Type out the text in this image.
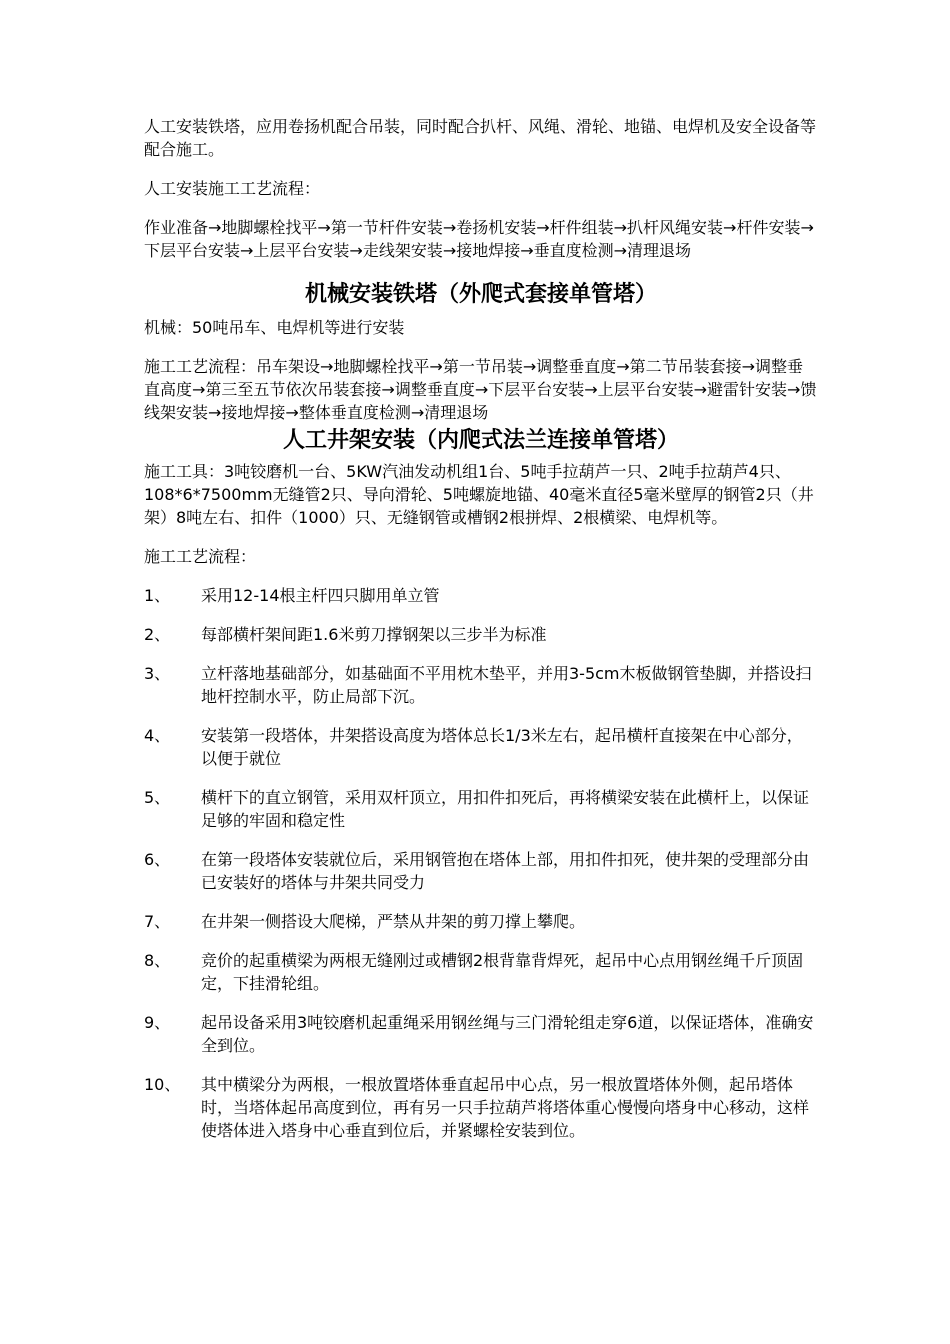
人工安装铁塔，应用卷扬机配合吊装，同时配合扒杆、风绳、滑轮、地锚、电焊机及安全设备等配合施工。

人工安装施工工艺流程：

作业准备→地脚螺栓找平→第一节杆件安装→卷扬机安装→杆件组装→扒杆风绳安装→杆件安装→下层平台安装→上层平台安装→走线架安装→接地焊接→垂直度检测→清理退场

机械安装铁塔（外爬式套接单管塔）

机械：50吨吊车、电焊机等进行安装

施工工艺流程：吊车架设→地脚螺栓找平→第一节吊装→调整垂直度→第二节吊装套接→调整垂直高度→第三至五节依次吊装套接→调整垂直度→下层平台安装→上层平台安装→避雷针安装→馈线架安装→接地焊接→整体垂直度检测→清理退场

人工井架安装（内爬式法兰连接单管塔）

施工工具：3吨铰磨机一台、5KW汽油发动机组1台、5吨手拉葫芦一只、2吨手拉葫芦4只、108*6*7500mm无缝管2只、导向滑轮、5吨螺旋地锚、40毫米直径5毫米壁厚的钢管2只（井架）8吨左右、扣件（1000）只、无缝钢管或槽钢2根拼焊、2根横梁、电焊机等。

施工工艺流程：

1、	采用12-14根主杆四只脚用单立管
2、	每部横杆架间距1.6米剪刀撑钢架以三步半为标准
3、	立杆落地基础部分，如基础面不平用枕木垫平，并用3-5cm木板做钢管垫脚，并搭设扫地杆控制水平，防止局部下沉。
4、	安装第一段塔体，井架搭设高度为塔体总长1/3米左右，起吊横杆直接架在中心部分，以便于就位
5、	横杆下的直立钢管，采用双杆顶立，用扣件扣死后，再将横梁安装在此横杆上，以保证足够的牢固和稳定性
6、	在第一段塔体安装就位后，采用钢管抱在塔体上部，用扣件扣死，使井架的受理部分由已安装好的塔体与井架共同受力
7、	在井架一侧搭设大爬梯，严禁从井架的剪刀撑上攀爬。
8、	竞价的起重横梁为两根无缝刚过或槽钢2根背靠背焊死，起吊中心点用钢丝绳千斤顶固定，下挂滑轮组。
9、	起吊设备采用3吨铰磨机起重绳采用钢丝绳与三门滑轮组走穿6道，以保证塔体，准确安全到位。
10、	其中横梁分为两根，一根放置塔体垂直起吊中心点，另一根放置塔体外侧，起吊塔体时，当塔体起吊高度到位，再有另一只手拉葫芦将塔体重心慢慢向塔身中心移动，这样使塔体进入塔身中心垂直到位后，并紧螺栓安装到位。
